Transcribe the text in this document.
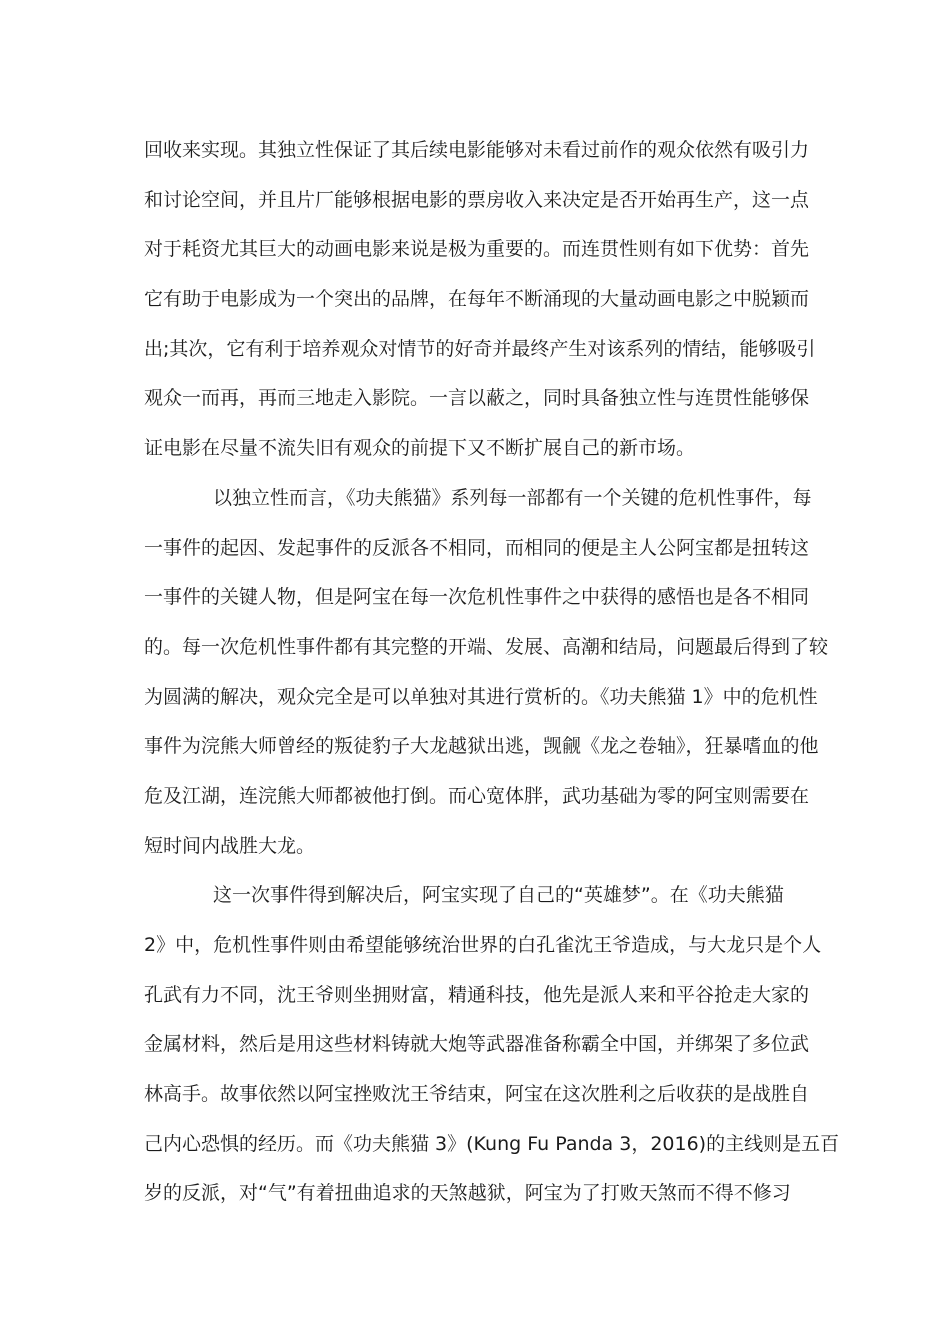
回收来实现。其独立性保证了其后续电影能够对未看过前作的观众依然有吸引力
和讨论空间，并且片厂能够根据电影的票房收入来决定是否开始再生产，这一点
对于耗资尤其巨大的动画电影来说是极为重要的。而连贯性则有如下优势：首先
它有助于电影成为一个突出的品牌，在每年不断涌现的大量动画电影之中脱颖而
出;其次，它有利于培养观众对情节的好奇并最终产生对该系列的情结，能够吸引
观众一而再，再而三地走入影院。一言以蔽之，同时具备独立性与连贯性能够保
证电影在尽量不流失旧有观众的前提下又不断扩展自己的新市场。
以独立性而言，《功夫熊猫》系列每一部都有一个关键的危机性事件，每
一事件的起因、发起事件的反派各不相同，而相同的便是主人公阿宝都是扭转这
一事件的关键人物，但是阿宝在每一次危机性事件之中获得的感悟也是各不相同
的。每一次危机性事件都有其完整的开端、发展、高潮和结局，问题最后得到了较
为圆满的解决，观众完全是可以单独对其进行赏析的。《功夫熊猫 1》中的危机性
事件为浣熊大师曾经的叛徒豹子大龙越狱出逃，觊觎《龙之卷轴》，狂暴嗜血的他
危及江湖，连浣熊大师都被他打倒。而心宽体胖，武功基础为零的阿宝则需要在
短时间内战胜大龙。
这一次事件得到解决后，阿宝实现了自己的“英雄梦”。在《功夫熊猫
2》中，危机性事件则由希望能够统治世界的白孔雀沈王爷造成，与大龙只是个人
孔武有力不同，沈王爷则坐拥财富，精通科技，他先是派人来和平谷抢走大家的
金属材料，然后是用这些材料铸就大炮等武器准备称霸全中国，并绑架了多位武
林高手。故事依然以阿宝挫败沈王爷结束，阿宝在这次胜利之后收获的是战胜自
己内心恐惧的经历。而《功夫熊猫 3》(Kung Fu Panda 3，2016)的主线则是五百
岁的反派，对“气”有着扭曲追求的天煞越狱，阿宝为了打败天煞而不得不修习
